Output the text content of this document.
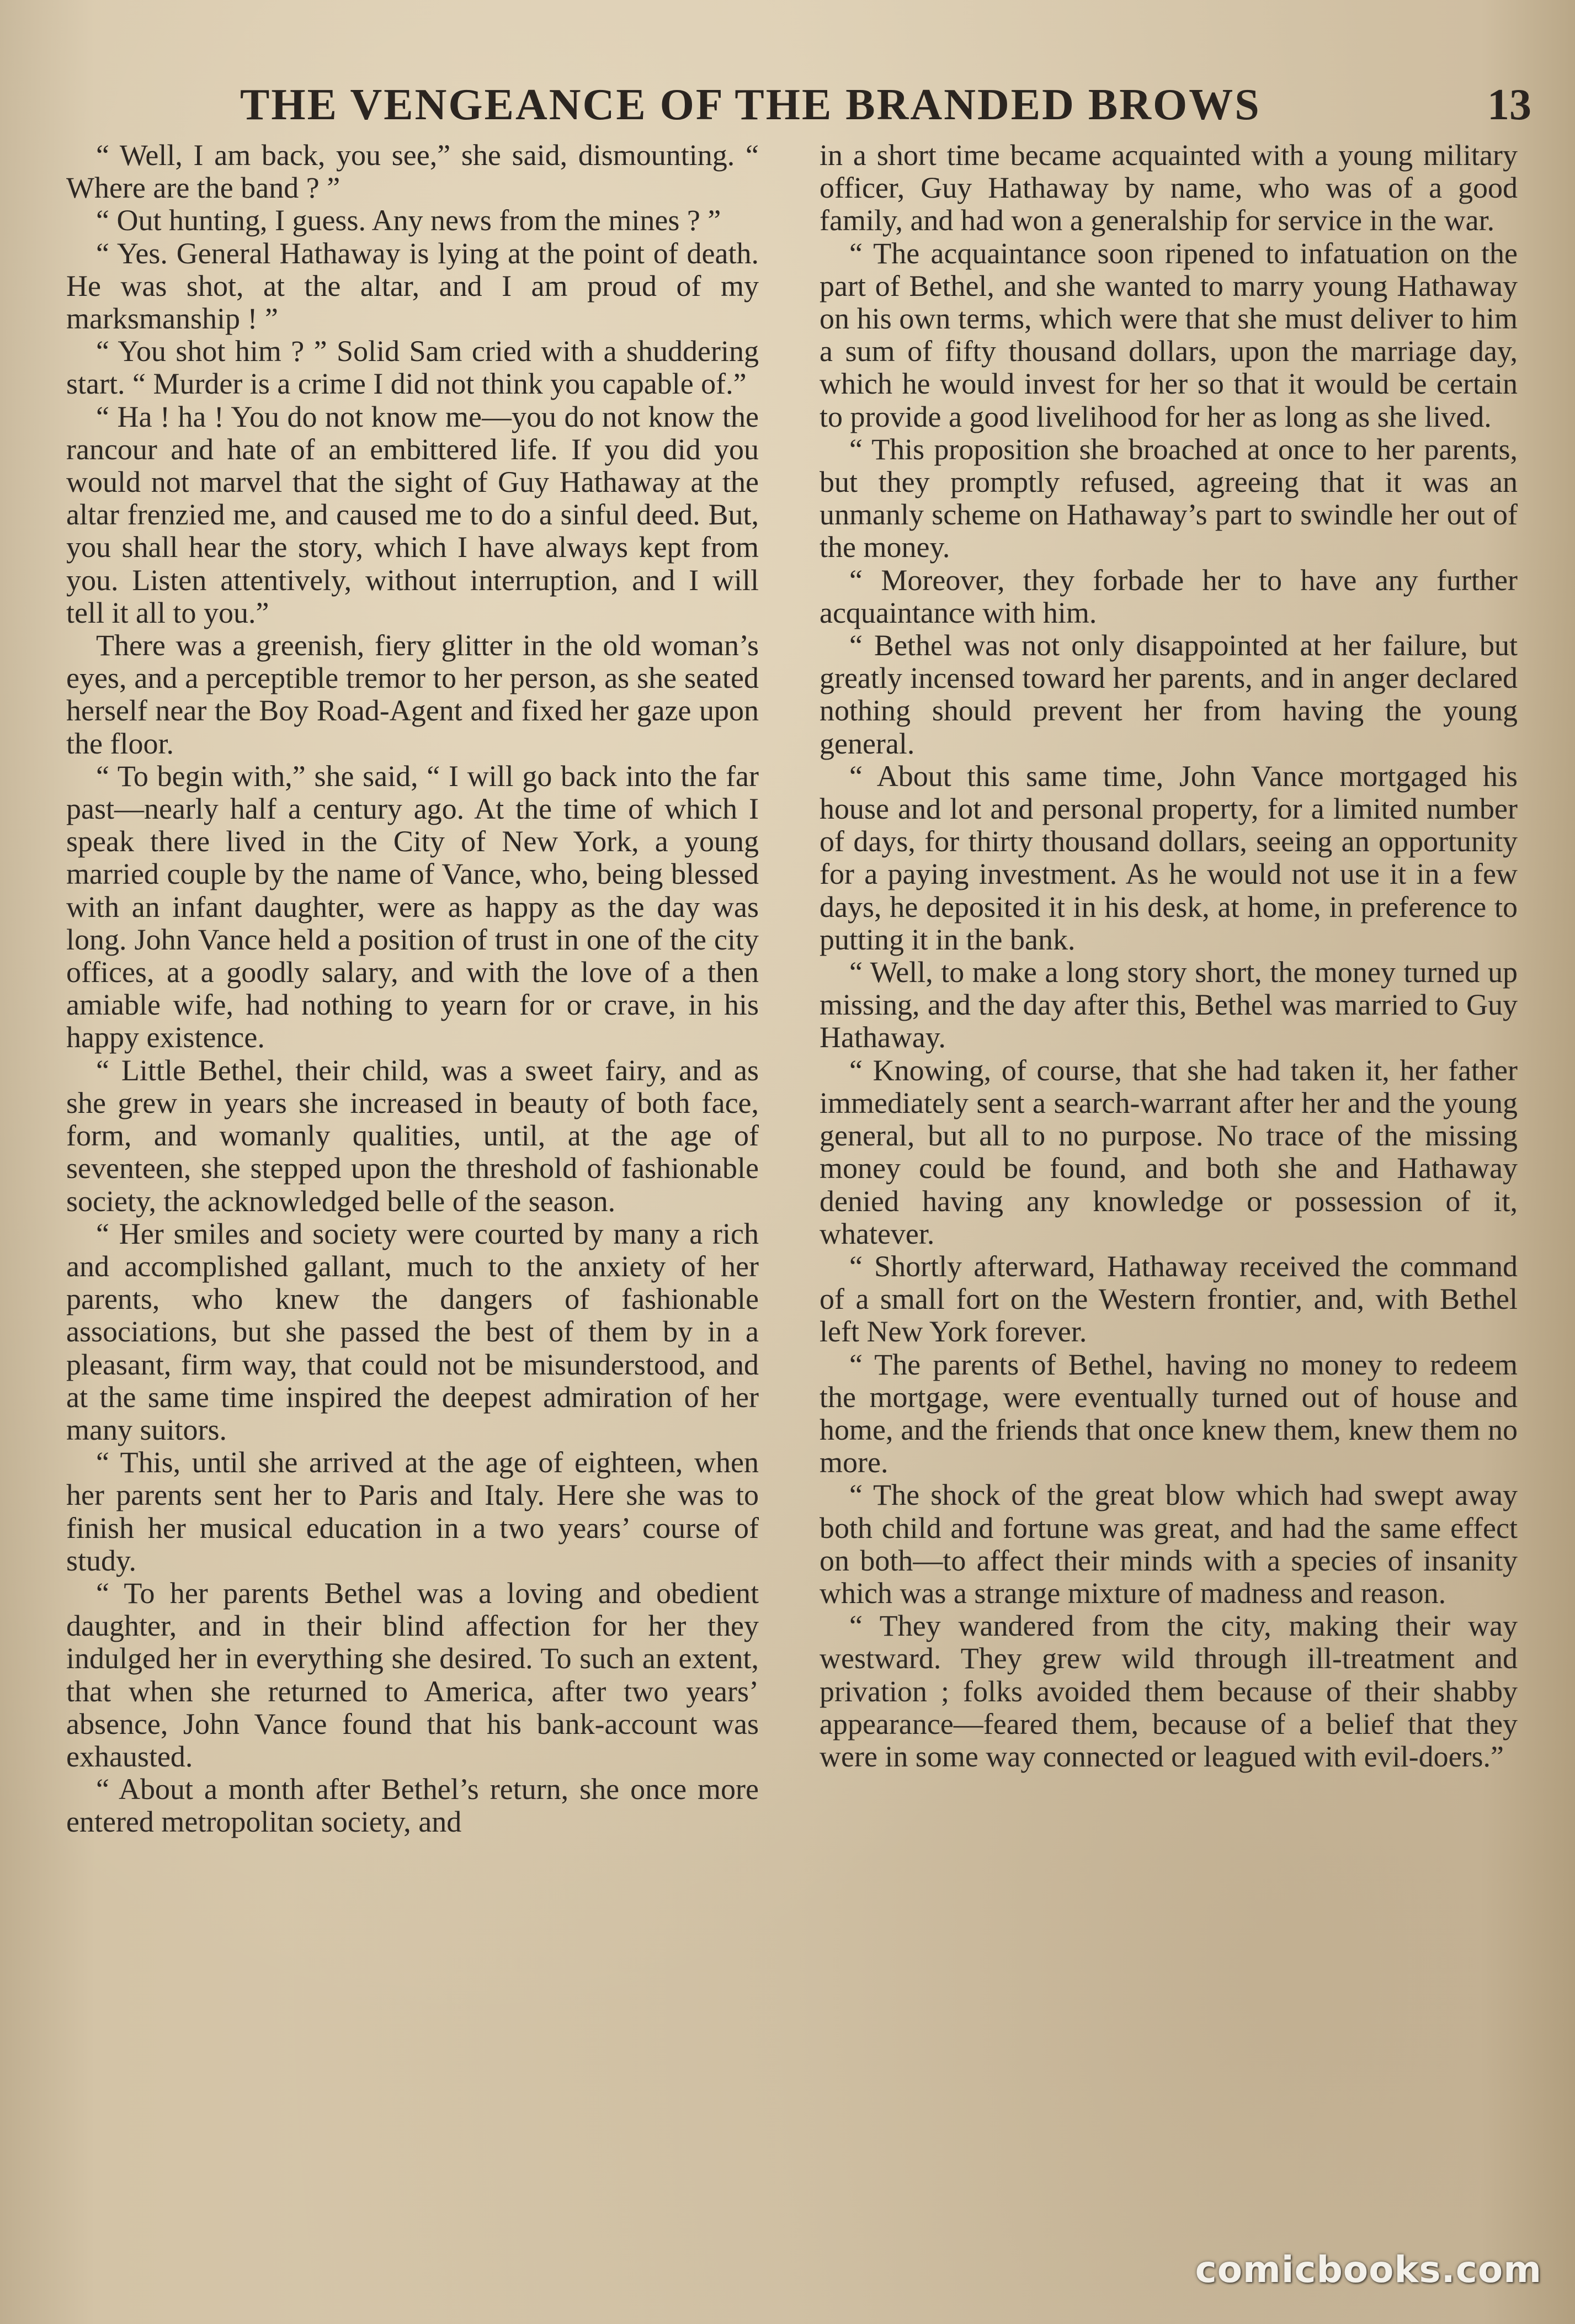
THE VENGEANCE OF THE BRANDED BROWS	13

“ Well, I am back, you see,” she said, dismounting. “ Where are the band ? ”

“ Out hunting, I guess. Any news from the mines ? ”

“ Yes. General Hathaway is lying at the point of death. He was shot, at the altar, and I am proud of my marksmanship ! ”

“ You shot him ? ” Solid Sam cried with a shuddering start. “ Murder is a crime I did not think you capable of.”

“ Ha ! ha ! You do not know me—you do not know the rancour and hate of an embittered life. If you did you would not marvel that the sight of Guy Hathaway at the altar frenzied me, and caused me to do a sinful deed. But, you shall hear the story, which I have always kept from you. Listen attentively, without interruption, and I will tell it all to you.”

There was a greenish, fiery glitter in the old woman’s eyes, and a perceptible tremor to her person, as she seated herself near the Boy Road-Agent and fixed her gaze upon the floor.

“ To begin with,” she said, “ I will go back into the far past—nearly half a century ago. At the time of which I speak there lived in the City of New York, a young married couple by the name of Vance, who, being blessed with an infant daughter, were as happy as the day was long. John Vance held a position of trust in one of the city offices, at a goodly salary, and with the love of a then amiable wife, had nothing to yearn for or crave, in his happy existence.

“ Little Bethel, their child, was a sweet fairy, and as she grew in years she increased in beauty of both face, form, and womanly qualities, until, at the age of seventeen, she stepped upon the threshold of fashionable society, the acknowledged belle of the season.

“ Her smiles and society were courted by many a rich and accomplished gallant, much to the anxiety of her parents, who knew the dangers of fashionable associations, but she passed the best of them by in a pleasant, firm way, that could not be misunderstood, and at the same time inspired the deepest admiration of her many suitors.

“ This, until she arrived at the age of eighteen, when her parents sent her to Paris and Italy. Here she was to finish her musical education in a two years’ course of study.

“ To her parents Bethel was a loving and obedient daughter, and in their blind affection for her they indulged her in everything she desired. To such an extent, that when she returned to America, after two years’ absence, John Vance found that his bank-account was exhausted.

“ About a month after Bethel’s return, she once more entered metropolitan society, and

in a short time became acquainted with a young military officer, Guy Hathaway by name, who was of a good family, and had won a generalship for service in the war.

“ The acquaintance soon ripened to infatuation on the part of Bethel, and she wanted to marry young Hathaway on his own terms, which were that she must deliver to him a sum of fifty thousand dollars, upon the marriage day, which he would invest for her so that it would be certain to provide a good livelihood for her as long as she lived.

“ This proposition she broached at once to her parents, but they promptly refused, agreeing that it was an unmanly scheme on Hathaway’s part to swindle her out of the money.

“ Moreover, they forbade her to have any further acquaintance with him.

“ Bethel was not only disappointed at her failure, but greatly incensed toward her parents, and in anger declared nothing should prevent her from having the young general.

“ About this same time, John Vance mortgaged his house and lot and personal property, for a limited number of days, for thirty thousand dollars, seeing an opportunity for a paying investment. As he would not use it in a few days, he deposited it in his desk, at home, in preference to putting it in the bank.

“ Well, to make a long story short, the money turned up missing, and the day after this, Bethel was married to Guy Hathaway.

“ Knowing, of course, that she had taken it, her father immediately sent a search-warrant after her and the young general, but all to no purpose. No trace of the missing money could be found, and both she and Hathaway denied having any knowledge or possession of it, whatever.

“ Shortly afterward, Hathaway received the command of a small fort on the Western frontier, and, with Bethel left New York forever.

“ The parents of Bethel, having no money to redeem the mortgage, were eventually turned out of house and home, and the friends that once knew them, knew them no more.

“ The shock of the great blow which had swept away both child and fortune was great, and had the same effect on both—to affect their minds with a species of insanity which was a strange mixture of madness and reason.

“ They wandered from the city, making their way westward. They grew wild through ill-treatment and privation ; folks avoided them because of their shabby appearance—feared them, because of a belief that they were in some way connected or leagued with evil-doers.”

comicbooks.com
